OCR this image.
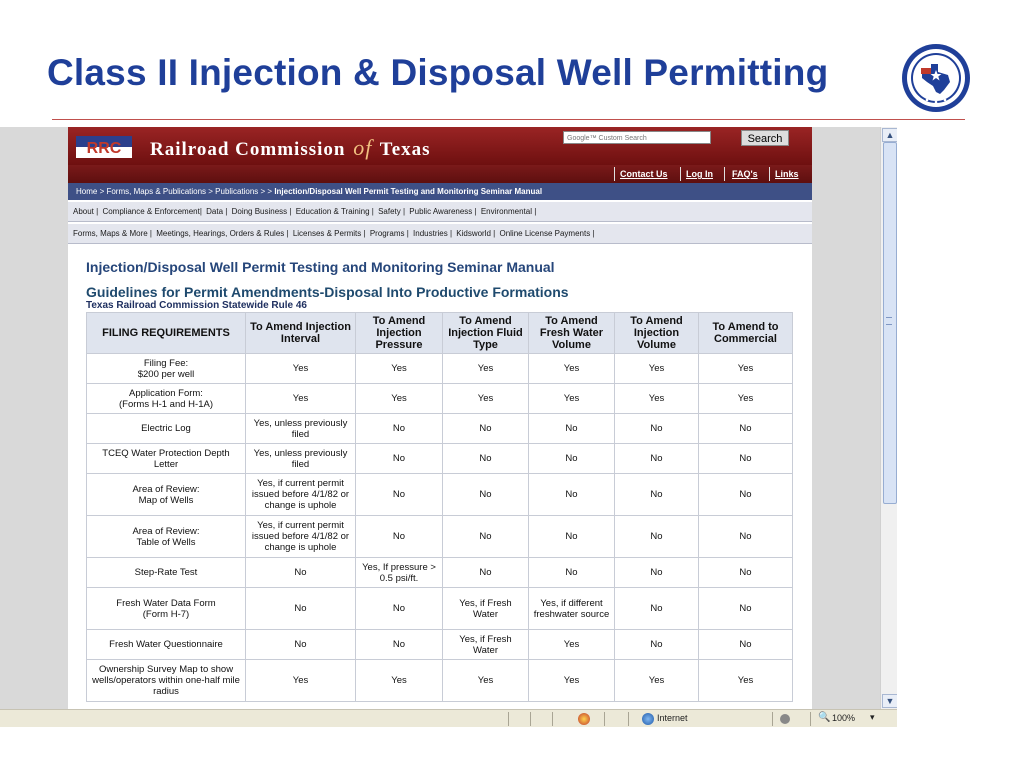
Class II Injection & Disposal Well Permitting
RRC Railroad Commission of Texas
Google™ Custom Search	Search
Contact Us Log In FAQ's Links
Home > Forms, Maps & Publications > Publications > > Injection/Disposal Well Permit Testing and Monitoring Seminar Manual
About | Compliance & Enforcement| Data | Doing Business | Education & Training | Safety | Public Awareness | Environmental |
Forms, Maps & More | Meetings, Hearings, Orders & Rules | Licenses & Permits | Programs | Industries | Kidsworld | Online License Payments |
Injection/Disposal Well Permit Testing and Monitoring Seminar Manual
Guidelines for Permit Amendments-Disposal Into Productive Formations
Texas Railroad Commission Statewide Rule 46
FILING REQUIREMENTS	To Amend Injection Interval	To Amend Injection Pressure	To Amend Injection Fluid Type	To Amend Fresh Water Volume	To Amend Injection Volume	To Amend to Commercial
Filing Fee:
$200 per well	Yes	Yes	Yes	Yes	Yes	Yes
Application Form:
(Forms H-1 and H-1A)	Yes	Yes	Yes	Yes	Yes	Yes
Electric Log	Yes, unless previously filed	No	No	No	No	No
TCEQ Water Protection Depth Letter	Yes, unless previously filed	No	No	No	No	No
Area of Review:
Map of Wells	Yes, if current permit issued before 4/1/82 or change is uphole	No	No	No	No	No
Area of Review:
Table of Wells	Yes, if current permit issued before 4/1/82 or change is uphole	No	No	No	No	No
Step-Rate Test	No	Yes, If pressure > 0.5 psi/ft.	No	No	No	No
Fresh Water Data Form
(Form H-7)	No	No	Yes, if Fresh Water	Yes, if different freshwater source	No	No
Fresh Water Questionnaire	No	No	Yes, if Fresh Water	Yes	No	No
Ownership Survey Map to show wells/operators within one-half mile radius	Yes	Yes	Yes	Yes	Yes	Yes
▲
▼
Internet	🔍 100% ▾
